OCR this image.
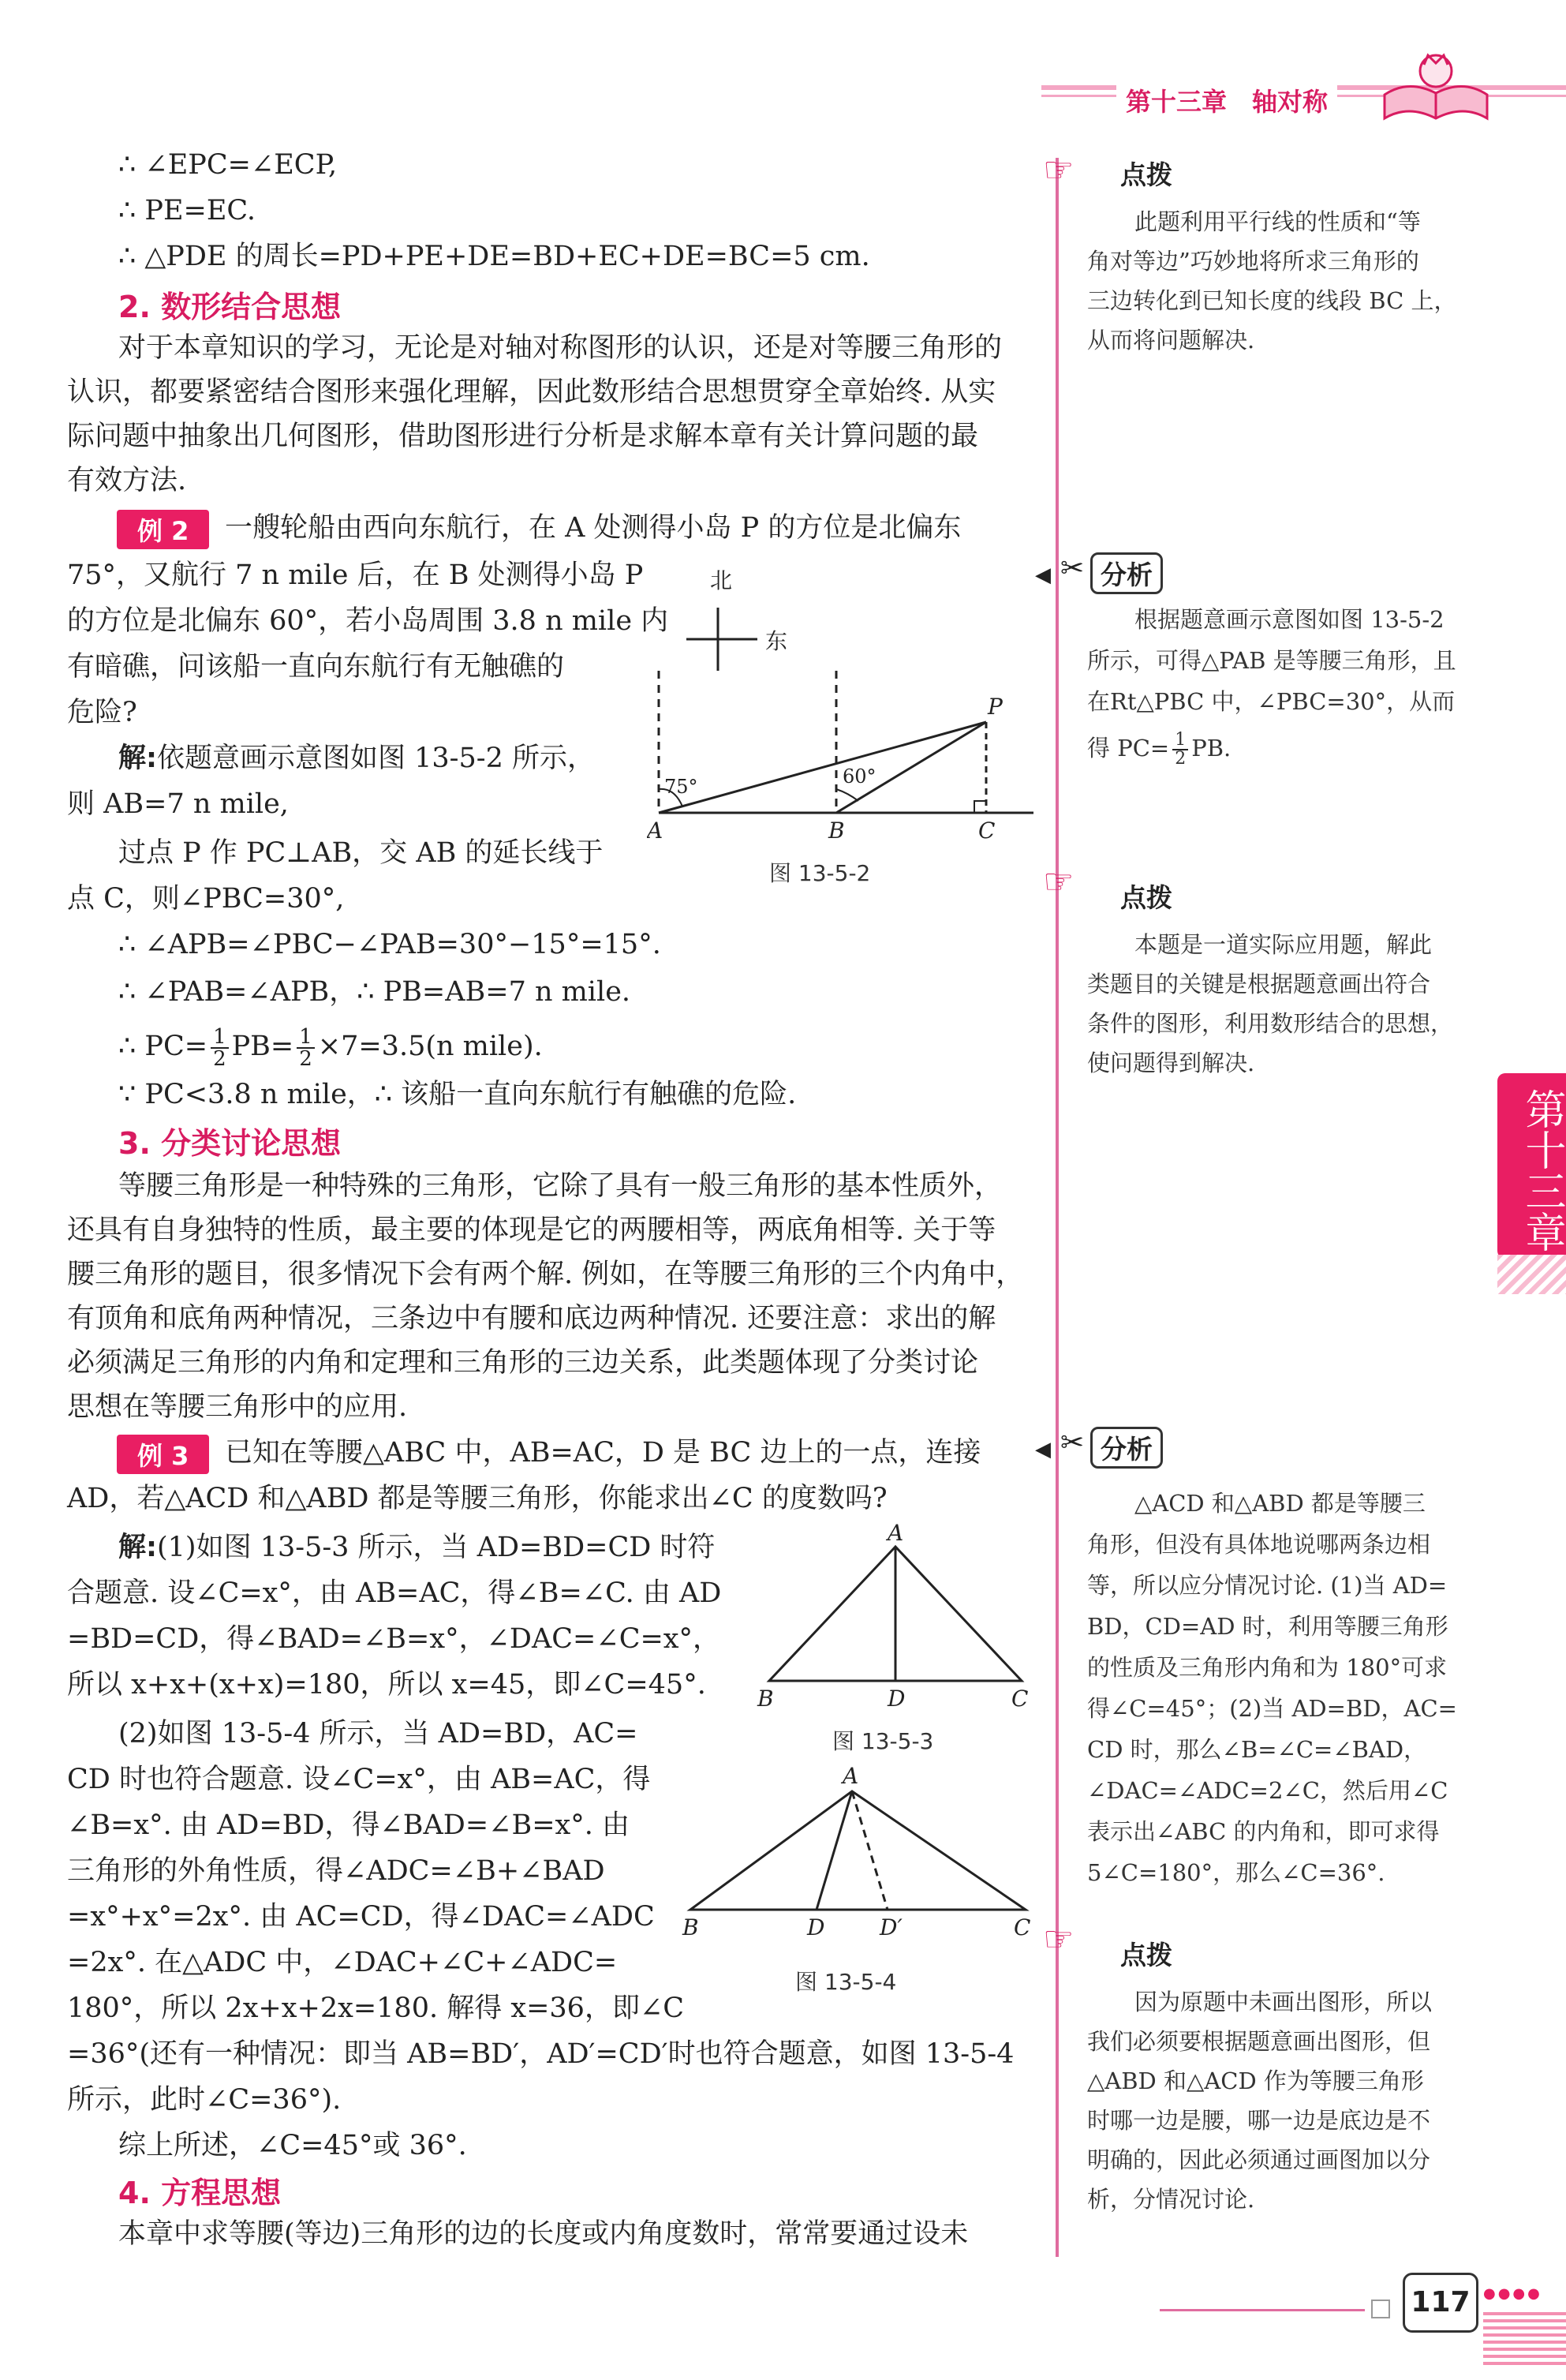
第十三章　轴对称
∴ ∠EPC=∠ECP,
∴ PE=EC.
∴ △PDE 的周长=PD+PE+DE=BD+EC+DE=BC=5 cm.
2. 数形结合思想
对于本章知识的学习，无论是对轴对称图形的认识，还是对等腰三角形的
认识，都要紧密结合图形来强化理解，因此数形结合思想贯穿全章始终. 从实
际问题中抽象出几何图形，借助图形进行分析是求解本章有关计算问题的最
有效方法.
例 2	一艘轮船由西向东航行，在 A 处测得小岛 P 的方位是北偏东
75°，又航行 7 n mile 后，在 B 处测得小岛 P
的方位是北偏东 60°，若小岛周围 3.8 n mile 内
有暗礁，问该船一直向东航行有无触礁的
危险?
解:依题意画示意图如图 13-5-2 所示，
则 AB=7 n mile,
过点 P 作 PC⊥AB，交 AB 的延长线于
点 C，则∠PBC=30°,
∴ ∠APB=∠PBC−∠PAB=30°−15°=15°.
∴ ∠PAB=∠APB，∴ PB=AB=7 n mile.
∴ $PC= \frac{1}{2} PB= \frac{1}{2} \times 7=3.5(n$ mile).
∵ PC<3.8 n mile，∴ 该船一直向东航行有触礁的危险.
北
东
A	B	C
P
75°	60°
图 13-5-2
3. 分类讨论思想
等腰三角形是一种特殊的三角形，它除了具有一般三角形的基本性质外，
还具有自身独特的性质，最主要的体现是它的两腰相等，两底角相等. 关于等
腰三角形的题目，很多情况下会有两个解. 例如，在等腰三角形的三个内角中，
有顶角和底角两种情况，三条边中有腰和底边两种情况. 还要注意：求出的解
必须满足三角形的内角和定理和三角形的三边关系，此类题体现了分类讨论
思想在等腰三角形中的应用.
例 3	已知在等腰△ABC 中，AB=AC，D 是 BC 边上的一点，连接
AD，若△ACD 和△ABD 都是等腰三角形，你能求出∠C 的度数吗?
解:(1)如图 13-5-3 所示，当 AD=BD=CD 时符
合题意. 设∠C=x°，由 AB=AC，得∠B=∠C. 由 AD
=BD=CD，得∠BAD=∠B=x°，∠DAC=∠C=x°，
所以 x+x+(x+x)=180，所以 x=45，即∠C=45°.
(2)如图 13-5-4 所示，当 AD=BD，AC=
CD 时也符合题意. 设∠C=x°，由 AB=AC，得
∠B=x°. 由 AD=BD，得∠BAD=∠B=x°. 由
三角形的外角性质，得∠ADC=∠B+∠BAD
=x°+x°=2x°. 由 AC=CD，得∠DAC=∠ADC
=2x°. 在△ADC 中，∠DAC+∠C+∠ADC=
180°，所以 2x+x+2x=180. 解得 x=36，即∠C
=36°(还有一种情况：即当 AB=BD′，AD′=CD′时也符合题意，如图 13-5-4
所示，此时∠C=36°).
综上所述，∠C=45°或 36°.
A
B	D	C
图 13-5-3
A
B	D D′	C
图 13-5-4
4. 方程思想
本章中求等腰(等边)三角形的边的长度或内角度数时，常常要通过设未
◀
◀
☞ 点拨
此题利用平行线的性质和“等
角对等边”巧妙地将所求三角形的
三边转化到已知长度的线段 BC 上，
从而将问题解决.
✂ 分析
根据题意画示意图如图 13-5-2
所示，可得△PAB 是等腰三角形，且
在Rt△PBC 中，∠PBC=30°，从而
得 $PC= \frac{1}{2}$ PB.
☞ 点拨
本题是一道实际应用题，解此
类题目的关键是根据题意画出符合
条件的图形，利用数形结合的思想，
使问题得到解决.
第十三章
✂ 分析
△ACD 和△ABD 都是等腰三
角形，但没有具体地说哪两条边相
等，所以应分情况讨论. (1)当 AD=
BD，CD=AD 时，利用等腰三角形
的性质及三角形内角和为 180°可求
得∠C=45°；(2)当 AD=BD，AC=
CD 时，那么∠B=∠C=∠BAD，
∠DAC=∠ADC=2∠C，然后用∠C
表示出∠ABC 的内角和，即可求得
5∠C=180°，那么∠C=36°.
☞ 点拨
因为原题中未画出图形，所以
我们必须要根据题意画出图形，但
△ABD 和△ACD 作为等腰三角形
时哪一边是腰，哪一边是底边是不
明确的，因此必须通过画图加以分
析，分情况讨论.
117 ●●●●
